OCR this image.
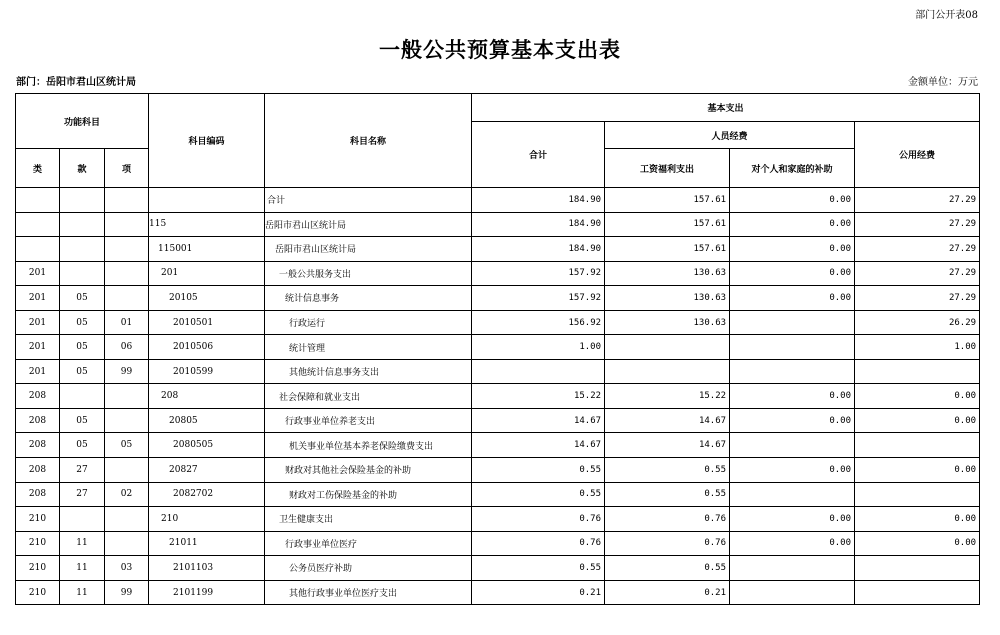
部门公开表08
一般公共预算基本支出表
部门：岳阳市君山区统计局	金额单位：万元
功能科目			科目编码	科目名称	基本支出			
					合计	人员经费		公用经费
类	款	项				工资福利支出	对个人和家庭的补助	
				合计	184.90	157.61	0.00	27.29
			115	岳阳市君山区统计局	184.90	157.61	0.00	27.29
			115001	岳阳市君山区统计局	184.90	157.61	0.00	27.29
201			201	一般公共服务支出	157.92	130.63	0.00	27.29
201	05		20105	统计信息事务	157.92	130.63	0.00	27.29
201	05	01	2010501	行政运行	156.92	130.63		26.29
201	05	06	2010506	统计管理	1.00			1.00
201	05	99	2010599	其他统计信息事务支出				
208			208	社会保障和就业支出	15.22	15.22	0.00	0.00
208	05		20805	行政事业单位养老支出	14.67	14.67	0.00	0.00
208	05	05	2080505	机关事业单位基本养老保险缴费支出	14.67	14.67		
208	27		20827	财政对其他社会保险基金的补助	0.55	0.55	0.00	0.00
208	27	02	2082702	财政对工伤保险基金的补助	0.55	0.55		
210			210	卫生健康支出	0.76	0.76	0.00	0.00
210	11		21011	行政事业单位医疗	0.76	0.76	0.00	0.00
210	11	03	2101103	公务员医疗补助	0.55	0.55		
210	11	99	2101199	其他行政事业单位医疗支出	0.21	0.21		
